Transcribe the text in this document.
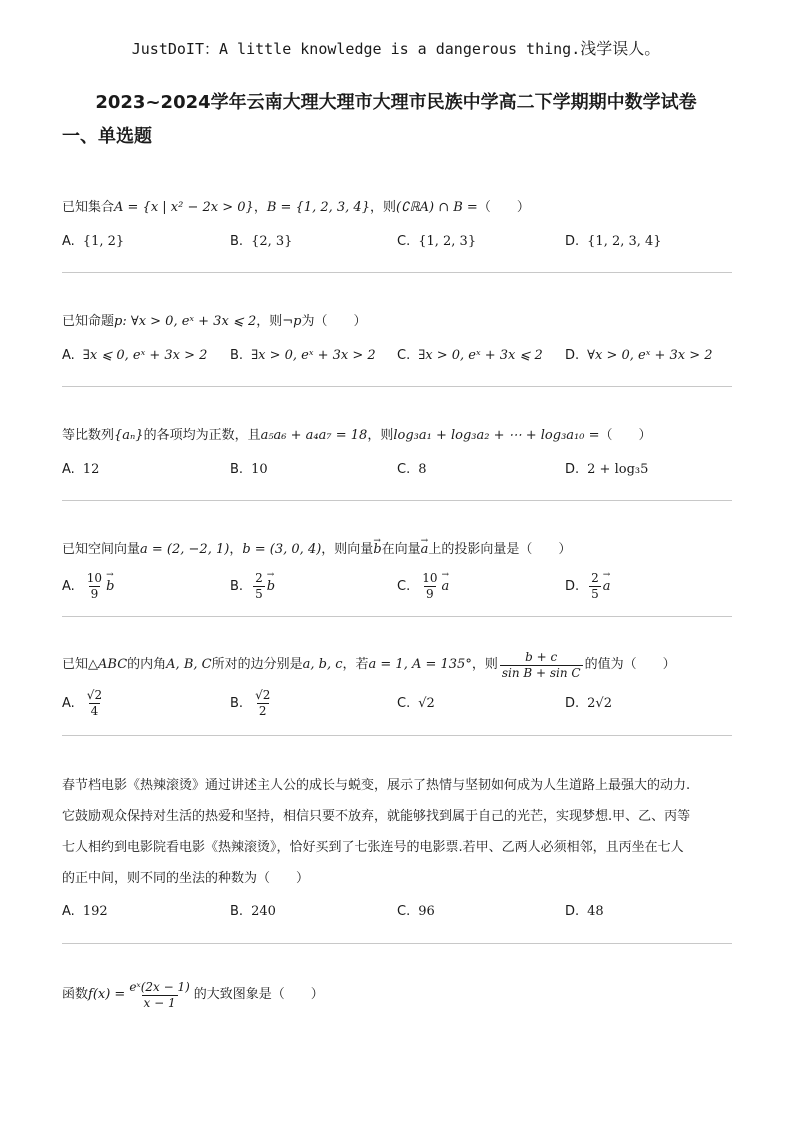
JustDoIT：A little knowledge is a dangerous thing.浅学误人。
2023~2024学年云南大理大理市大理市民族中学高二下学期期中数学试卷
一、单选题
已知集合 A = {x | x² − 2x > 0} ， B = {1, 2, 3, 4} ，则 (∁ℝA) ∩ B = （　　）
A. {1, 2}	B. {2, 3}	C. {1, 2, 3}	D. {1, 2, 3, 4}
已知命题 p: ∀x > 0, eˣ + 3x ⩽ 2 ，则 ¬p 为（　　）
A. ∃x ⩽ 0, eˣ + 3x > 2 B. ∃x > 0, eˣ + 3x > 2 C. ∃x > 0, eˣ + 3x ⩽ 2 D. ∀x > 0, eˣ + 3x > 2
等比数列 {aₙ} 的各项均为正数，且 a₅a₆ + a₄a₇ = 18 ，则 log₃a₁ + log₃a₂ + ⋯ + log₃a₁₀ = （　　）
A. 12	B. 10	C. 8	D. 2 + log₃5
已知空间向量 a = (2, −2, 1) ， b = (3, 0, 4) ，则向量
→ b 在向量
→ a 上的投影向量是（　　）
A. $\frac{10}{9}$
→ b	B. $\frac{2}{5}$
→ b	C. $\frac{10}{9}$
→ a	D. $\frac{2}{5}$
→ a
已知 △ABC 的内角 A, B, C 所对的边分别是 a, b, c ，若 a = 1, A = 135° ，则 $\frac{b + c}{\text{sin B + sin C}}$ 的值为（　　）
A. $\frac{√2}{4}$	B. $\frac{√2}{2}$	C. √2	D. 2√2
春节档电影《热辣滚烫》通过讲述主人公的成长与蜕变，展示了热情与坚韧如何成为人生道路上最强大的动力.
它鼓励观众保持对生活的热爱和坚持，相信只要不放弃，就能够找到属于自己的光芒，实现梦想.甲、乙、丙等
七人相约到电影院看电影《热辣滚烫》，恰好买到了七张连号的电影票.若甲、乙两人必须相邻，且丙坐在七人
的正中间，则不同的坐法的种数为（　　）
A. 192	B. 240	C. 96	D. 48
函数 $f(x) = \frac{\text{eˣ(2x − 1)}}{x - 1}$ 的大致图象是（　　）
